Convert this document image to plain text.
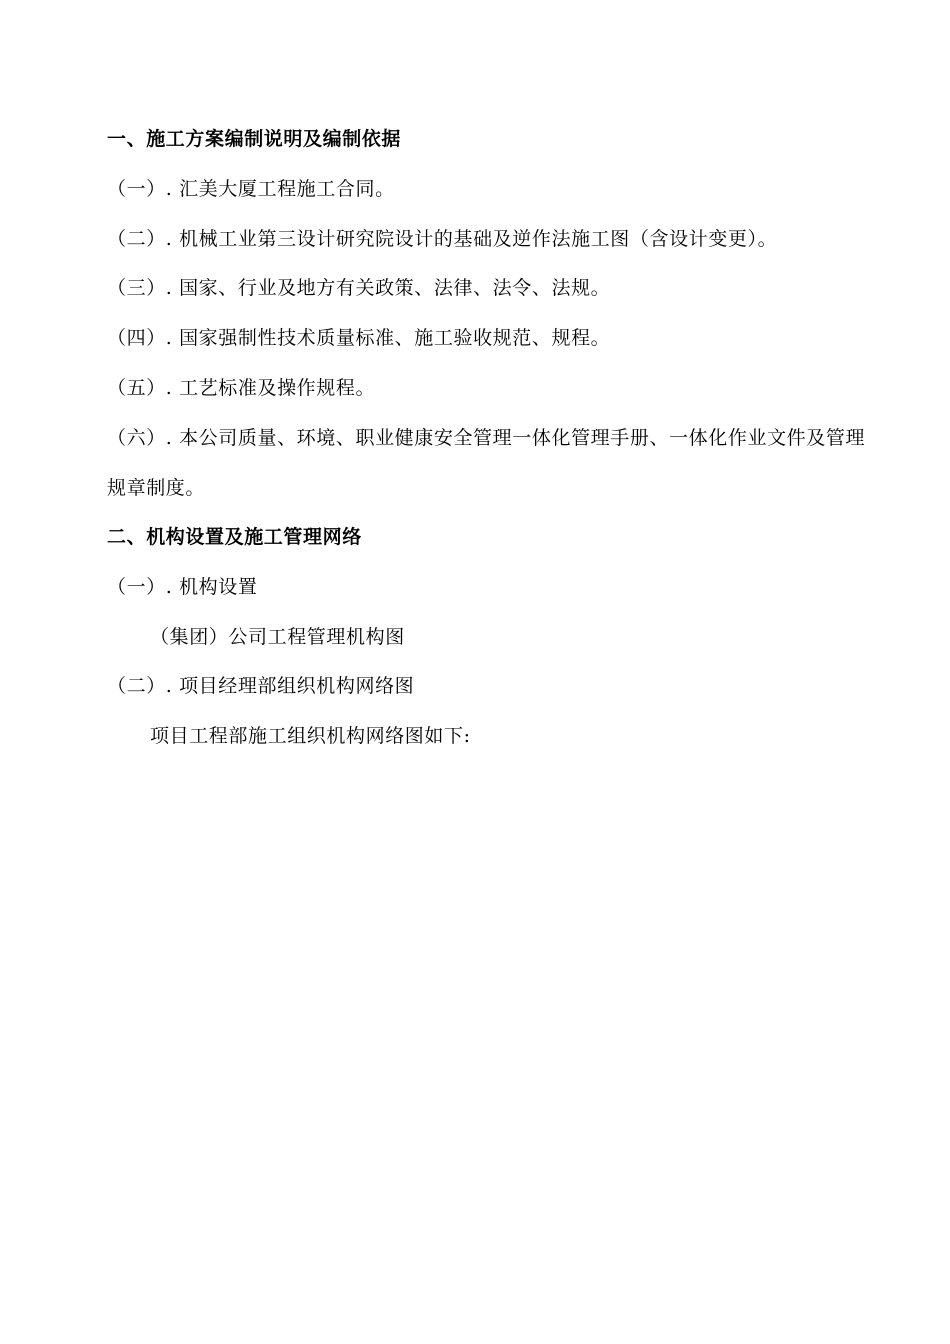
一、施工方案编制说明及编制依据
（一）. 汇美大厦工程施工合同。
（二）. 机械工业第三设计研究院设计的基础及逆作法施工图（含设计变更）。
（三）. 国家、行业及地方有关政策、法律、法令、法规。
（四）. 国家强制性技术质量标准、施工验收规范、规程。
（五）. 工艺标准及操作规程。
（六）. 本公司质量、环境、职业健康安全管理一体化管理手册、一体化作业文件及管理
规章制度。
二、机构设置及施工管理网络
（一）. 机构设置
（集团）公司工程管理机构图
（二）. 项目经理部组织机构网络图
项目工程部施工组织机构网络图如下:
